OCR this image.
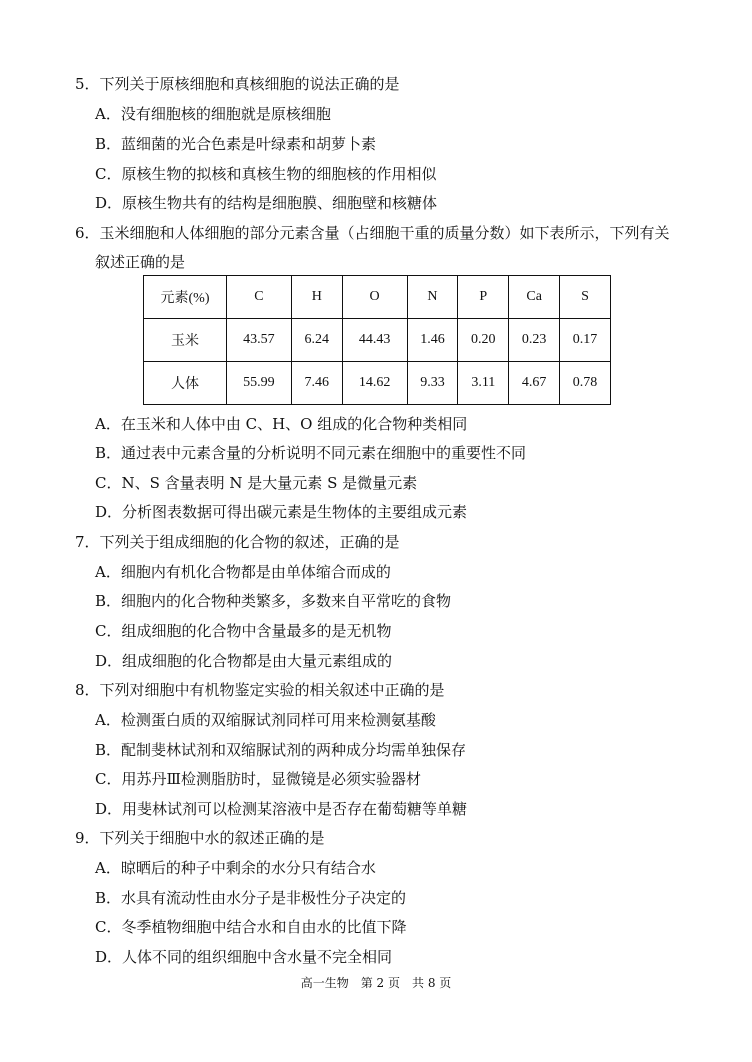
5．下列关于原核细胞和真核细胞的说法正确的是
A．没有细胞核的细胞就是原核细胞
B．蓝细菌的光合色素是叶绿素和胡萝卜素
C．原核生物的拟核和真核生物的细胞核的作用相似
D．原核生物共有的结构是细胞膜、细胞壁和核糖体
6．玉米细胞和人体细胞的部分元素含量（占细胞干重的质量分数）如下表所示，下列有关
叙述正确的是
元素(%)	C	H	O	N	P	Ca	S
玉米	43.57	6.24	44.43	1.46	0.20	0.23	0.17
人体	55.99	7.46	14.62	9.33	3.11	4.67	0.78
A．在玉米和人体中由 C、H、O 组成的化合物种类相同
B．通过表中元素含量的分析说明不同元素在细胞中的重要性不同
C．N、S 含量表明 N 是大量元素 S 是微量元素
D．分析图表数据可得出碳元素是生物体的主要组成元素
7．下列关于组成细胞的化合物的叙述，正确的是
A．细胞内有机化合物都是由单体缩合而成的
B．细胞内的化合物种类繁多，多数来自平常吃的食物
C．组成细胞的化合物中含量最多的是无机物
D．组成细胞的化合物都是由大量元素组成的
8．下列对细胞中有机物鉴定实验的相关叙述中正确的是
A．检测蛋白质的双缩脲试剂同样可用来检测氨基酸
B．配制斐林试剂和双缩脲试剂的两种成分均需单独保存
C．用苏丹Ⅲ检测脂肪时，显微镜是必须实验器材
D．用斐林试剂可以检测某溶液中是否存在葡萄糖等单糖
9．下列关于细胞中水的叙述正确的是
A．晾晒后的种子中剩余的水分只有结合水
B．水具有流动性由水分子是非极性分子决定的
C．冬季植物细胞中结合水和自由水的比值下降
D．人体不同的组织细胞中含水量不完全相同
高一生物　第 2 页　共 8 页
